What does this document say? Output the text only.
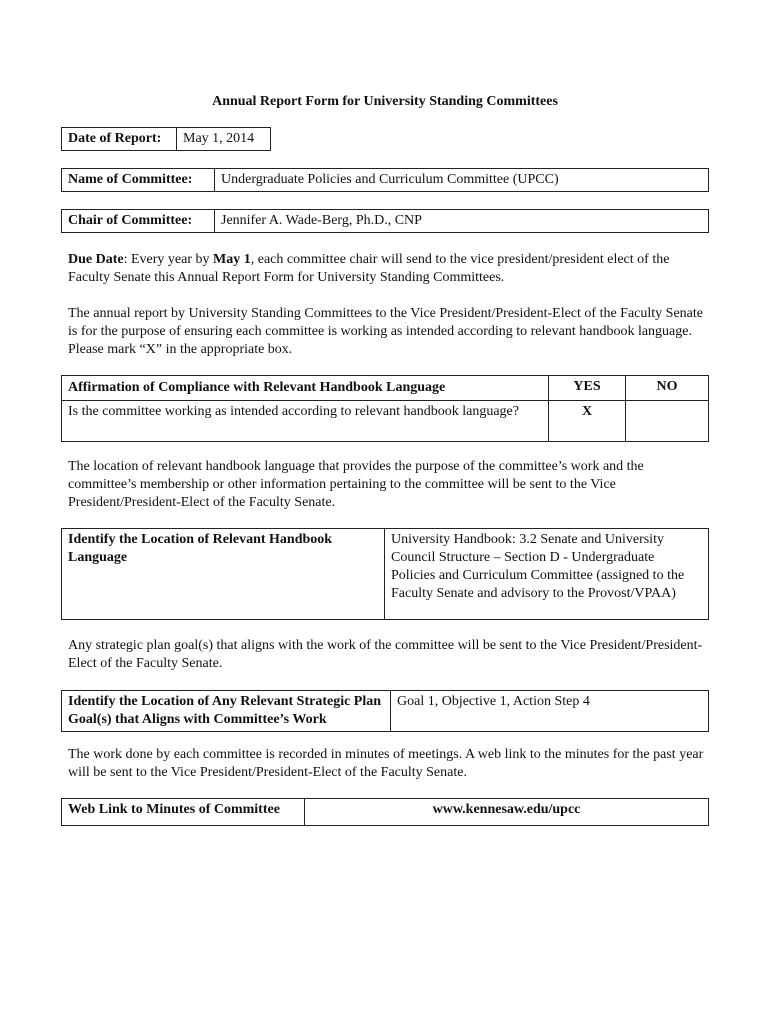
Annual Report Form for University Standing Committees
Date of Report:	May 1, 2014
Name of Committee:	Undergraduate Policies and Curriculum Committee (UPCC)
Chair of Committee:	Jennifer A. Wade-Berg, Ph.D., CNP
Due Date: Every year by May 1, each committee chair will send to the vice president/president elect of the Faculty Senate this Annual Report Form for University Standing Committees.
The annual report by University Standing Committees to the Vice President/President-Elect of the Faculty Senate is for the purpose of ensuring each committee is working as intended according to relevant handbook language. Please mark “X” in the appropriate box.
Affirmation of Compliance with Relevant Handbook Language	YES	NO
Is the committee working as intended according to relevant handbook language?	X	
The location of relevant handbook language that provides the purpose of the committee’s work and the committee’s membership or other information pertaining to the committee will be sent to the Vice President/President-Elect of the Faculty Senate.
Identify the Location of Relevant Handbook Language	University Handbook: 3.2 Senate and University Council Structure – Section D - Undergraduate Policies and Curriculum Committee (assigned to the Faculty Senate and advisory to the Provost/VPAA)
Any strategic plan goal(s) that aligns with the work of the committee will be sent to the Vice President/President-Elect of the Faculty Senate.
Identify the Location of Any Relevant Strategic Plan Goal(s) that Aligns with Committee’s Work	Goal 1, Objective 1, Action Step 4
The work done by each committee is recorded in minutes of meetings. A web link to the minutes for the past year will be sent to the Vice President/President-Elect of the Faculty Senate.
Web Link to Minutes of Committee	www.kennesaw.edu/upcc
